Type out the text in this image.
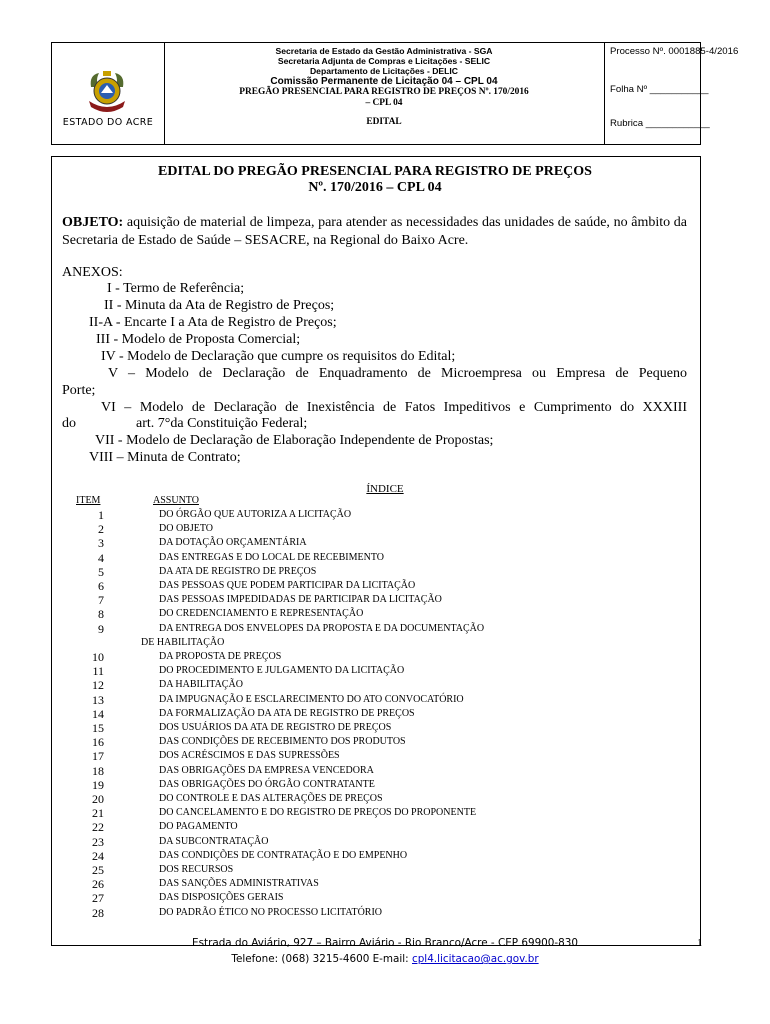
ESTADO DO ACRE
Secretaria de Estado da Gestão Administrativa - SGA
Secretaria Adjunta de Compras e Licitações - SELIC
Departamento de Licitações - DELIC
Comissão Permanente de Licitação 04 – CPL 04
PREGÃO PRESENCIAL PARA REGISTRO DE PREÇOS Nº. 170/2016
– CPL 04
EDITAL
Processo Nº. 0001885-4/2016
Folha Nº ___________
Rubrica ____________
EDITAL DO PREGÃO PRESENCIAL PARA REGISTRO DE PREÇOS
Nº. 170/2016 – CPL 04
OBJETO: aquisição de material de limpeza, para atender as necessidades das unidades de saúde, no âmbito da Secretaria de Estado de Saúde – SESACRE, na Regional do Baixo Acre.
ANEXOS:
I - Termo de Referência;
II - Minuta da Ata de Registro de Preços;
II-A - Encarte I a Ata de Registro de Preços;
III - Modelo de Proposta Comercial;
IV - Modelo de Declaração que cumpre os requisitos do Edital;
V – Modelo de Declaração de Enquadramento de Microempresa ou Empresa de Pequeno
Porte;
VI – Modelo de Declaração de Inexistência de Fatos Impeditivos e Cumprimento do XXXIII
do	art. 7°da Constituição Federal;
VII - Modelo de Declaração de Elaboração Independente de Propostas;
VIII – Minuta de Contrato;
ÍNDICE
ITEM	ASSUNTO
1	DO ÓRGÃO QUE AUTORIZA A LICITAÇÃO
2	DO OBJETO
3	DA DOTAÇÃO ORÇAMENTÁRIA
4	DAS ENTREGAS E DO LOCAL DE RECEBIMENTO
5	DA ATA DE REGISTRO DE PREÇOS
6	DAS PESSOAS QUE PODEM PARTICIPAR DA LICITAÇÃO
7	DAS PESSOAS IMPEDIDADAS DE PARTICIPAR DA LICITAÇÃO
8	DO CREDENCIAMENTO E REPRESENTAÇÃO
9	DA ENTREGA DOS ENVELOPES DA PROPOSTA E DA DOCUMENTAÇÃO
DE HABILITAÇÃO
10	DA PROPOSTA DE PREÇOS
11	DO PROCEDIMENTO E JULGAMENTO DA LICITAÇÃO
12	DA HABILITAÇÃO
13	DA IMPUGNAÇÃO E ESCLARECIMENTO DO ATO CONVOCATÓRIO
14	DA FORMALIZAÇÃO DA ATA DE REGISTRO DE PREÇOS
15	DOS USUÁRIOS DA ATA DE REGISTRO DE PREÇOS
16	DAS CONDIÇÕES DE RECEBIMENTO DOS PRODUTOS
17	DOS ACRÉSCIMOS E DAS SUPRESSÕES
18	DAS OBRIGAÇÕES DA EMPRESA VENCEDORA
19	DAS OBRIGAÇÕES DO ÓRGÃO CONTRATANTE
20	DO CONTROLE E DAS ALTERAÇÕES DE PREÇOS
21	DO CANCELAMENTO E DO REGISTRO DE PREÇOS DO PROPONENTE
22	DO PAGAMENTO
23	DA SUBCONTRATAÇÃO
24	DAS CONDIÇÕES DE CONTRATAÇÃO E DO EMPENHO
25	DOS RECURSOS
26	DAS SANÇÕES ADMINISTRATIVAS
27	DAS DISPOSIÇÕES GERAIS
28	DO PADRÃO ÉTICO NO PROCESSO LICITATÓRIO
Estrada do Aviário, 927 – Bairro Aviário - Rio Branco/Acre - CEP 69900-830
Telefone: (068) 3215-4600 E-mail: cpl4.licitacao@ac.gov.br
1
